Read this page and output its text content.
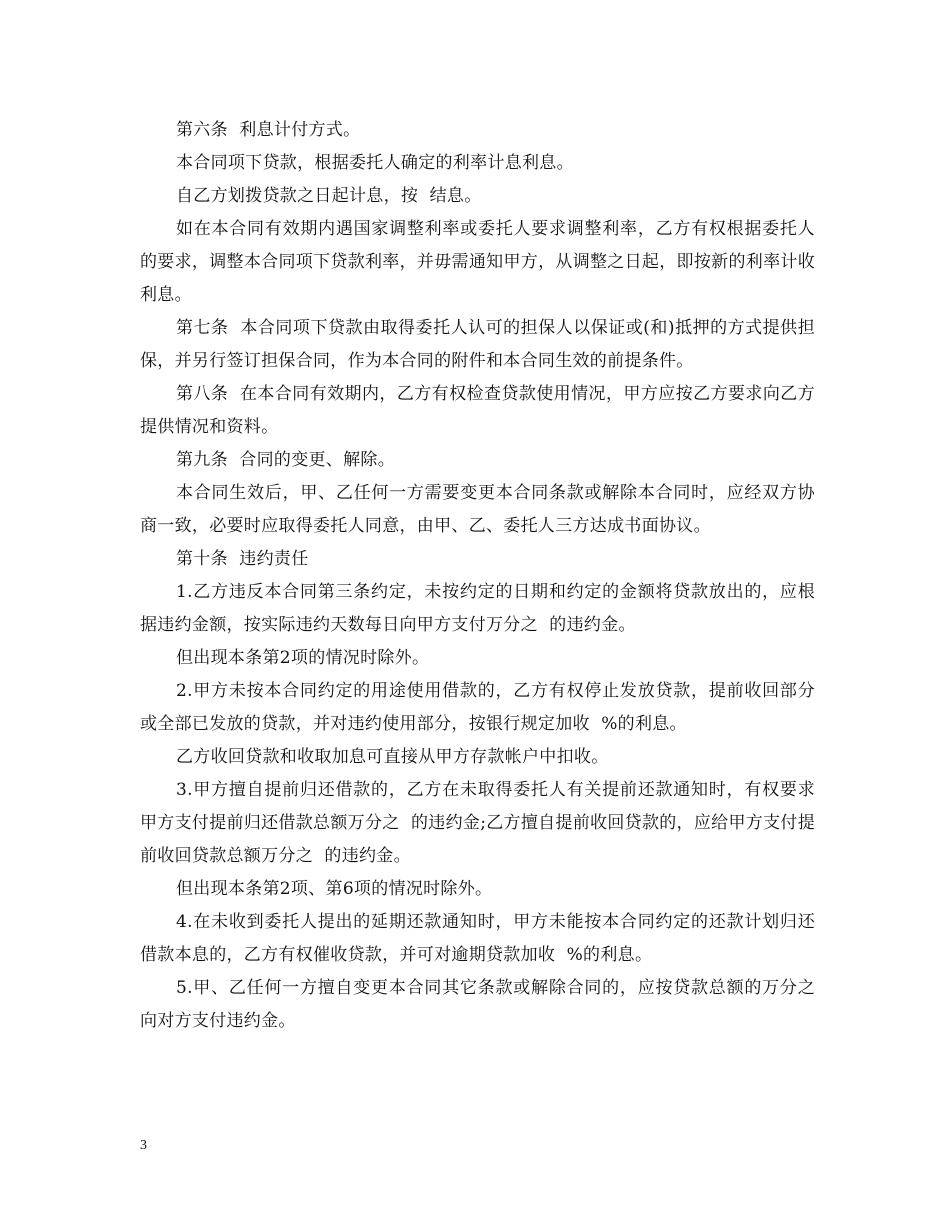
第六条  利息计付方式。

本合同项下贷款，根据委托人确定的利率计息利息。

自乙方划拨贷款之日起计息，按  结息。

如在本合同有效期内遇国家调整利率或委托人要求调整利率，乙方有权根据委托人的要求，调整本合同项下贷款利率，并毋需通知甲方，从调整之日起，即按新的利率计收利息。

第七条  本合同项下贷款由取得委托人认可的担保人以保证或(和)抵押的方式提供担保，并另行签订担保合同，作为本合同的附件和本合同生效的前提条件。

第八条  在本合同有效期内，乙方有权检查贷款使用情况，甲方应按乙方要求向乙方提供情况和资料。

第九条  合同的变更、解除。

本合同生效后，甲、乙任何一方需要变更本合同条款或解除本合同时，应经双方协商一致，必要时应取得委托人同意，由甲、乙、委托人三方达成书面协议。

第十条  违约责任

1.乙方违反本合同第三条约定，未按约定的日期和约定的金额将贷款放出的，应根据违约金额，按实际违约天数每日向甲方支付万分之  的违约金。

但出现本条第2项的情况时除外。

2.甲方未按本合同约定的用途使用借款的，乙方有权停止发放贷款，提前收回部分或全部已发放的贷款，并对违约使用部分，按银行规定加收  %的利息。

乙方收回贷款和收取加息可直接从甲方存款帐户中扣收。

3.甲方擅自提前归还借款的，乙方在未取得委托人有关提前还款通知时，有权要求甲方支付提前归还借款总额万分之  的违约金;乙方擅自提前收回贷款的，应给甲方支付提前收回贷款总额万分之  的违约金。

但出现本条第2项、第6项的情况时除外。

4.在未收到委托人提出的延期还款通知时，甲方未能按本合同约定的还款计划归还借款本息的，乙方有权催收贷款，并可对逾期贷款加收  %的利息。

5.甲、乙任何一方擅自变更本合同其它条款或解除合同的，应按贷款总额的万分之  向对方支付违约金。

3
